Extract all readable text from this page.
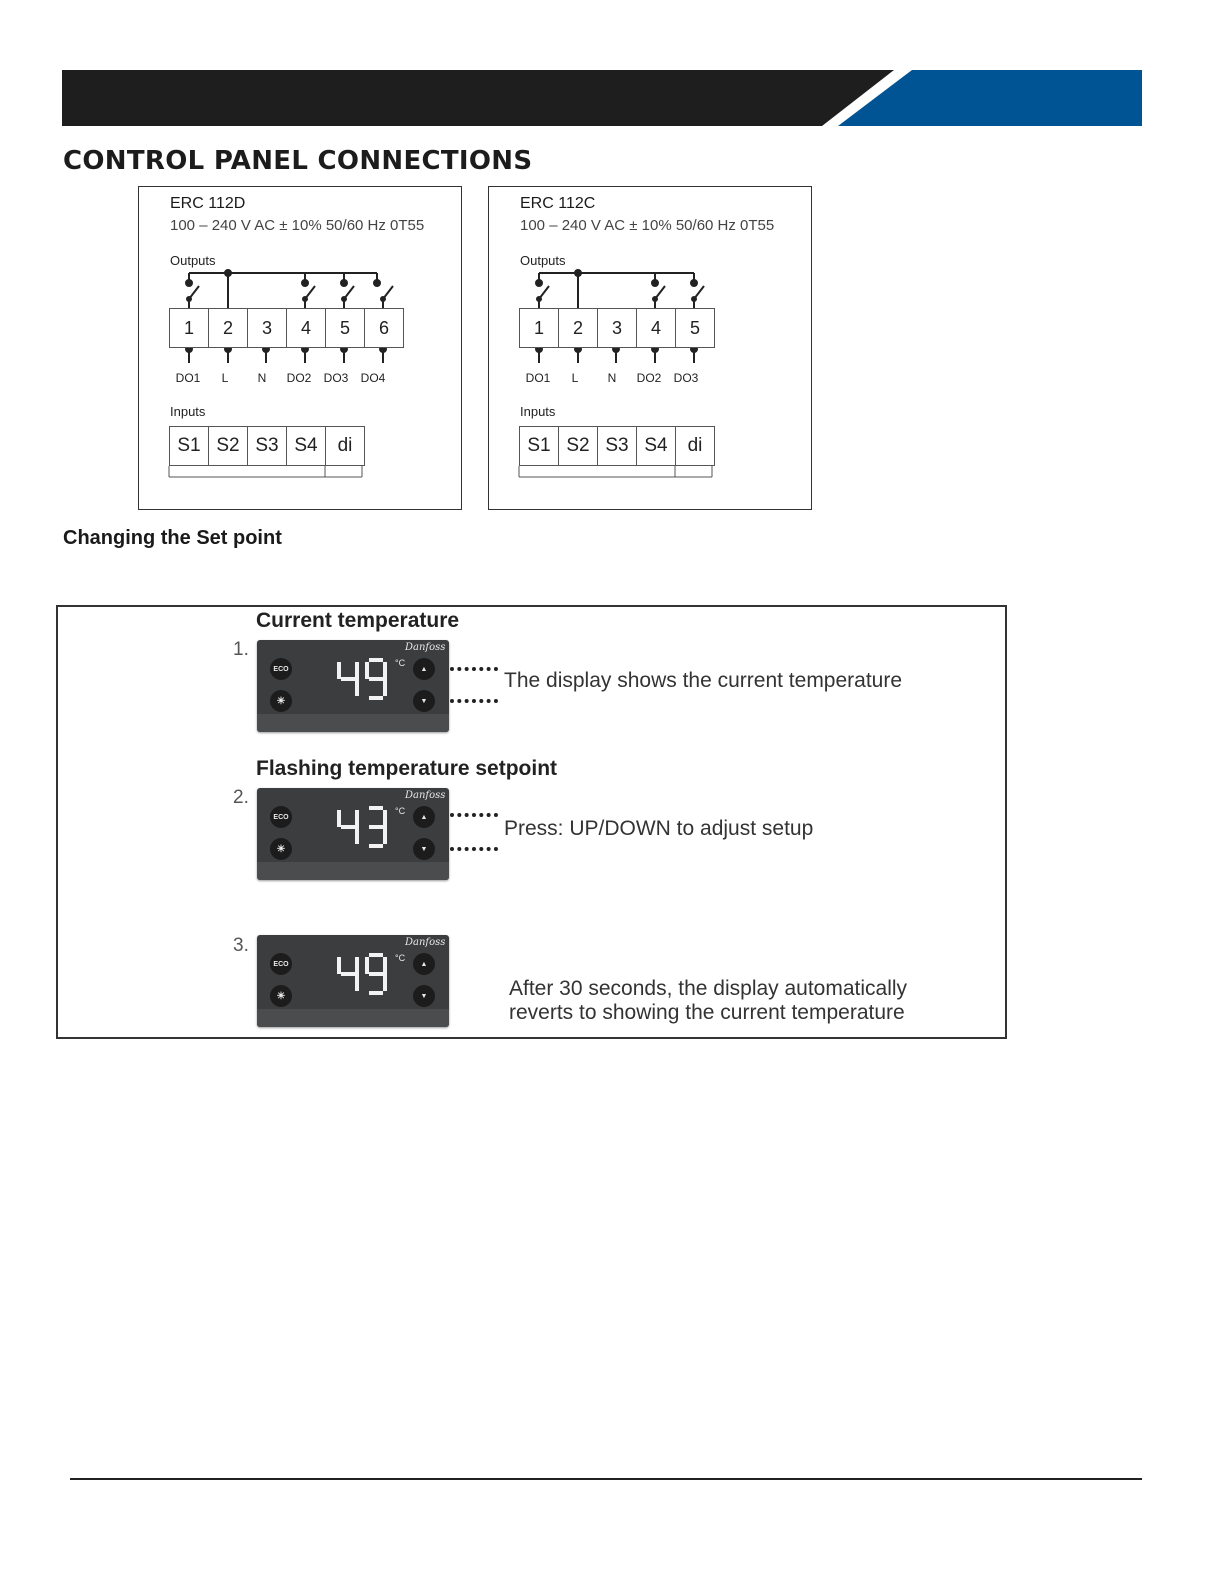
CONTROL PANEL CONNECTIONS
ERC 112D
100 – 240 V AC ± 10% 50/60 Hz 0T55
Outputs
1	2	3	4	5	6
DO1	L	N	DO2	DO3	DO4
Inputs
S1 S2 S3 S4	di
ERC 112C
100 – 240 V AC ± 10% 50/60 Hz 0T55
Outputs
1	2	3	4	5
DO1	L	N	DO2	DO3
Inputs
S1 S2 S3 S4	di
Changing the Set point
Current temperature
1.	Danfoss
ECO
☀
▲
▼
°C
The display shows the current temperature
Flashing temperature setpoint
2.	Danfoss
ECO
☀
▲
▼
°C
Press: UP/DOWN to adjust setup
3.	Danfoss
ECO
☀
▲
▼
°C
After 30 seconds, the display automatically
reverts to showing the current temperature
